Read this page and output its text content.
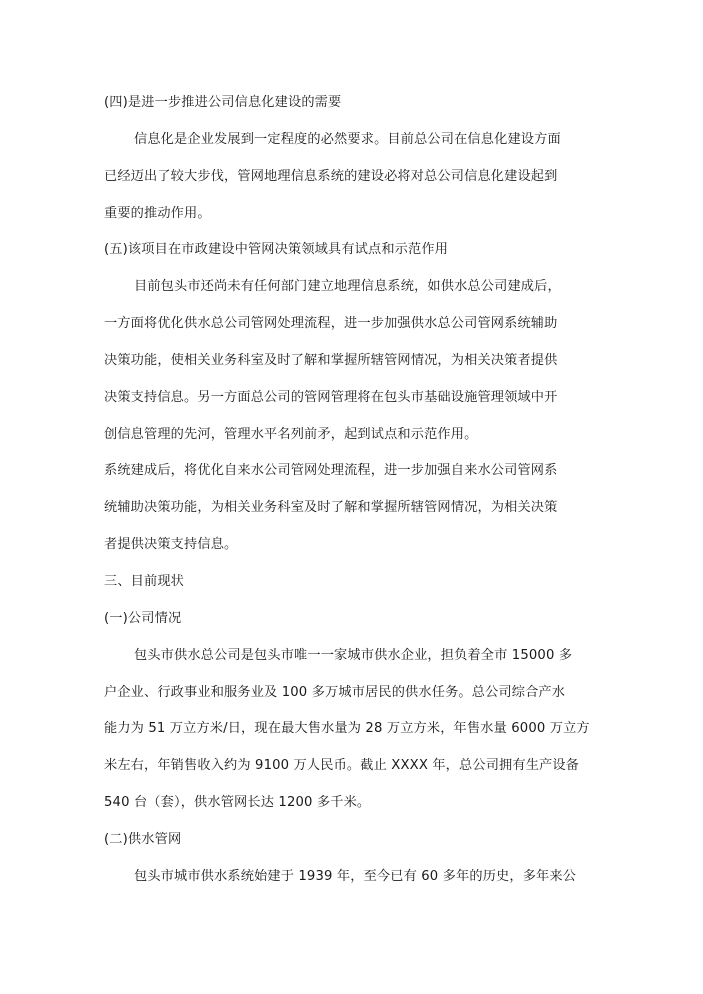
(四)是进一步推进公司信息化建设的需要
信息化是企业发展到一定程度的必然要求。目前总公司在信息化建设方面
已经迈出了较大步伐，管网地理信息系统的建设必将对总公司信息化建设起到
重要的推动作用。
(五)该项目在市政建设中管网决策领域具有试点和示范作用
目前包头市还尚未有任何部门建立地理信息系统，如供水总公司建成后，
一方面将优化供水总公司管网处理流程，进一步加强供水总公司管网系统辅助
决策功能，使相关业务科室及时了解和掌握所辖管网情况，为相关决策者提供
决策支持信息。另一方面总公司的管网管理将在包头市基础设施管理领域中开
创信息管理的先河，管理水平名列前矛，起到试点和示范作用。
系统建成后，将优化自来水公司管网处理流程，进一步加强自来水公司管网系
统辅助决策功能，为相关业务科室及时了解和掌握所辖管网情况，为相关决策
者提供决策支持信息。
三、目前现状
(一)公司情况
包头市供水总公司是包头市唯一一家城市供水企业，担负着全市 15000 多
户企业、行政事业和服务业及 100 多万城市居民的供水任务。总公司综合产水
能力为 51 万立方米/日，现在最大售水量为 28 万立方米，年售水量 6000 万立方
米左右，年销售收入约为 9100 万人民币。截止 XXXX 年，总公司拥有生产设备
540 台（套），供水管网长达 1200 多千米。
(二)供水管网
包头市城市供水系统始建于 1939 年，至今已有 60 多年的历史，多年来公
